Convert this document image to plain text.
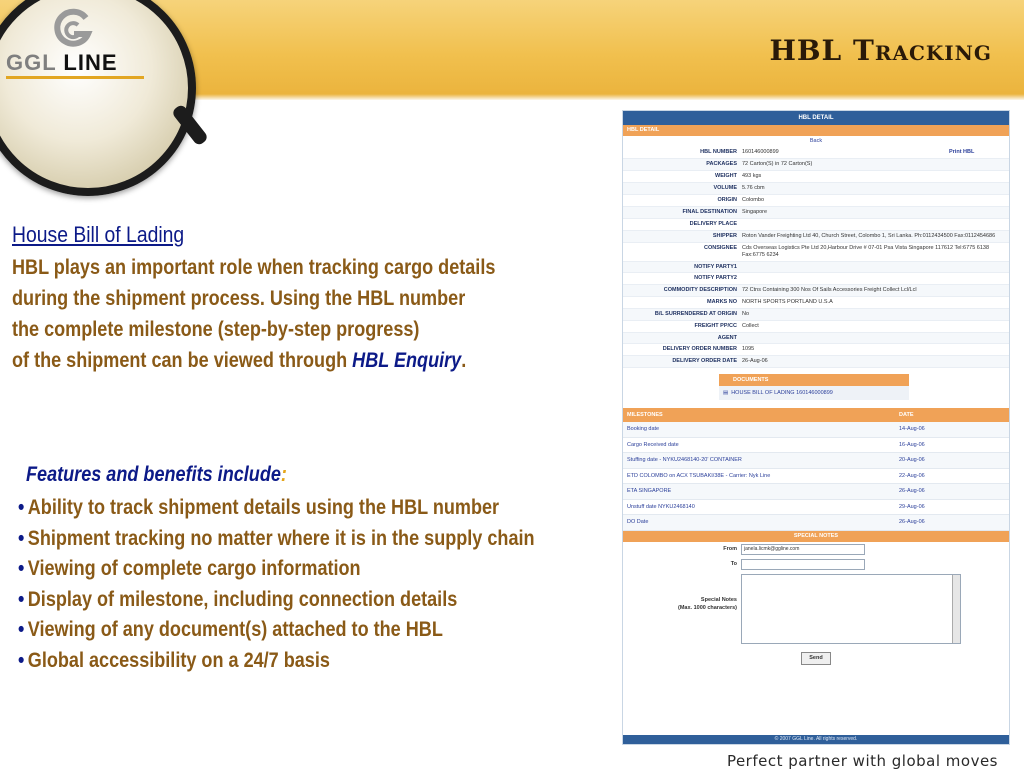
HBL Tracking
GGL LINE
House Bill of Lading
HBL plays an important role when tracking cargo details
during the shipment process. Using the HBL number
the complete milestone (step-by-step progress)
of the shipment can be viewed through HBL Enquiry.
Features and benefits include:
• Ability to track shipment details using the HBL number
• Shipment tracking no matter where it is in the supply chain
• Viewing of complete cargo information
• Display of milestone, including connection details
• Viewing of any document(s) attached to the HBL
• Global accessibility on a 24/7 basis
HBL DETAIL
HBL DETAIL
Back
HBL NUMBER 160146000899	Print HBL
PACKAGES 72 Carton(S) in 72 Carton(S)
WEIGHT 493 kgs
VOLUME 5.76 cbm
ORIGIN Colombo
FINAL DESTINATION Singapore
DELIVERY PLACE
SHIPPER Roton Vander Freighting Ltd 40, Church Street, Colombo 1, Sri Lanka. Ph:0112434500 Fax:0112454686
CONSIGNEE Cds Overseas Logistics Pte Ltd 20,Harbour Drive # 07-01 Psa Vista Singapore 117612 Tel:6775 6138 Fax:6775 6234
NOTIFY PARTY1
NOTIFY PARTY2
COMMODITY DESCRIPTION 72 Ctns Containing 300 Nos Of Sails Accessories Freight Collect Lcl/Lcl
MARKS NO NORTH SPORTS PORTLAND U.S.A
B/L SURRENDERED AT ORIGIN No
FREIGHT PP/CC Collect
AGENT
DELIVERY ORDER NUMBER 1095
DELIVERY ORDER DATE 26-Aug-06
DOCUMENTS
▤ HOUSE BILL OF LADING 160146000899
MILESTONES	DATE
Booking date	14-Aug-06
Cargo Received date	16-Aug-06
Stuffing date - NYKU2468140-20' CONTAINER	20-Aug-06
ETD COLOMBO on ACX TSUBAKI/38E - Carrier: Nyk Line	22-Aug-06
ETA SINGAPORE	26-Aug-06
Unstuff date NYKU2468140	29-Aug-06
DO Date	26-Aug-06
SPECIAL NOTES
From	janela.licmk@ggline.com
To
Special Notes
(Max. 1000 characters)
Send
© 2007 GGL Line. All rights reserved.
Perfect partner with global moves
